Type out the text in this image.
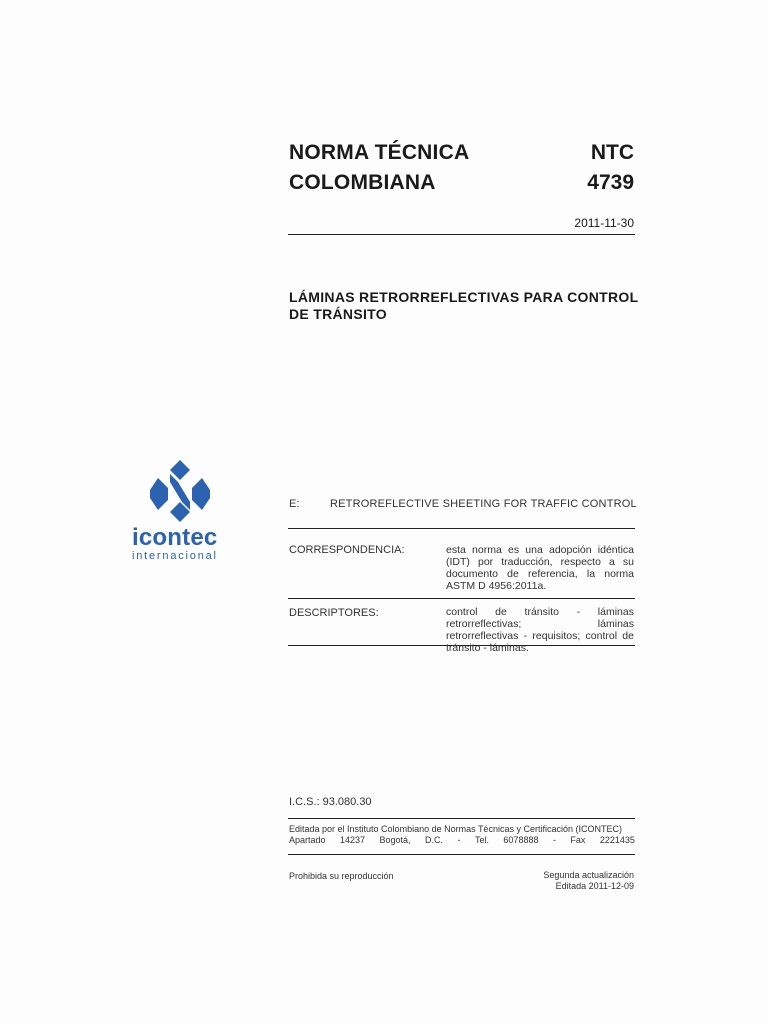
NORMA TÉCNICA
COLOMBIANA
NTC
4739
2011-11-30
LÁMINAS RETRORREFLECTIVAS PARA CONTROL
DE TRÁNSITO
icontec
internacional
E:	RETROREFLECTIVE SHEETING FOR TRAFFIC CONTROL
CORRESPONDENCIA:	esta norma es una adopción idéntica (IDT) por traducción, respecto a su documento de referencia, la norma ASTM D 4956:2011a.
DESCRIPTORES:	control de tránsito - láminas retrorreflectivas; láminas retrorreflectivas - requisitos; control de tránsito - láminas.
I.C.S.: 93.080.30
Editada por el Instituto Colombiano de Normas Técnicas y Certificación (ICONTEC)
Apartado 14237 Bogotá, D.C. - Tel. 6078888 - Fax 2221435
Prohibida su reproducción	Segunda actualización
Editada 2011-12-09
